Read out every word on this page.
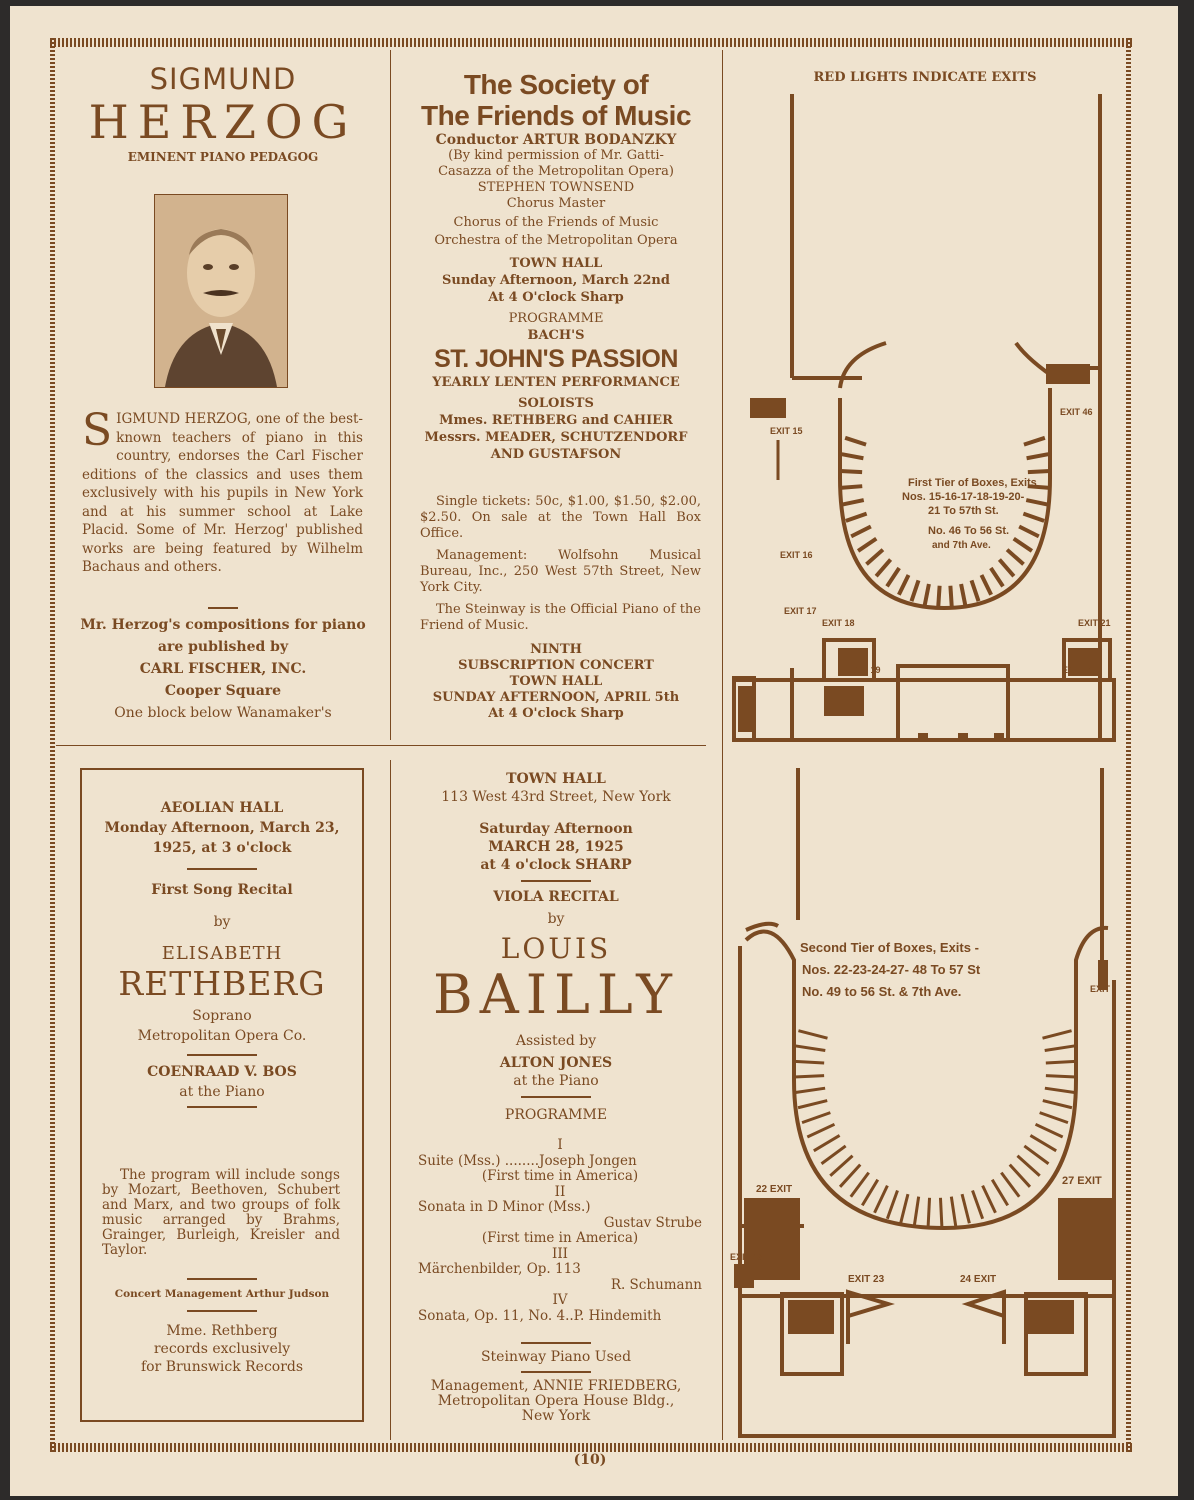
SIGMUND
HERZOG
EMINENT PIANO PEDAGOG
SIGMUND HERZOG, one of the best-known teachers of piano in this country, endorses the Carl Fischer editions of the classics and uses them exclusively with his pupils in New York and at his summer school at Lake Placid. Some of Mr. Herzog' published works are being featured by Wilhelm Bachaus and others.
Mr. Herzog's compositions for piano
are published by
CARL FISCHER, INC.
Cooper Square
One block below Wanamaker's
The Society of
The Friends of Music
Conductor ARTUR BODANZKY
(By kind permission of Mr. Gatti-
Casazza of the Metropolitan Opera)
STEPHEN TOWNSEND
Chorus Master
Chorus of the Friends of Music
Orchestra of the Metropolitan Opera
TOWN HALL
Sunday Afternoon, March 22nd
At 4 O'clock Sharp
PROGRAMME
BACH'S
ST. JOHN'S PASSION
YEARLY LENTEN PERFORMANCE
SOLOISTS
Mmes. RETHBERG and CAHIER
Messrs. MEADER, SCHUTZENDORF
AND GUSTAFSON
Single tickets: 50c, $1.00, $1.50, $2.00, $2.50. On sale at the Town Hall Box Office.
Management: Wolfsohn Musical Bureau, Inc., 250 West 57th Street, New York City.
The Steinway is the Official Piano of the Friend of Music.
NINTH
SUBSCRIPTION CONCERT
TOWN HALL
SUNDAY AFTERNOON, APRIL 5th
At 4 O'clock Sharp
RED LIGHTS INDICATE EXITS
First Tier of Boxes, Exits
Nos. 15-16-17-18-19-20-
21 To 57th St.
No. 46 To 56 St.
and 7th Ave.
EXIT 15
EXIT 16
EXIT 17
EXIT 18
EXIT 19	EXIT 20
EXIT 21
EXIT 46
AEOLIAN HALL
Monday Afternoon, March 23,
1925, at 3 o'clock
First Song Recital
by
ELISABETH
RETHBERG
Soprano
Metropolitan Opera Co.
COENRAAD V. BOS
at the Piano
The program will include songs by Mozart, Beethoven, Schubert and Marx, and two groups of folk music arranged by Brahms, Grainger, Burleigh, Kreisler and Taylor.
Concert Management Arthur Judson
Mme. Rethberg
records exclusively
for Brunswick Records
TOWN HALL
113 West 43rd Street, New York
Saturday Afternoon
MARCH 28, 1925
at 4 o'clock SHARP
VIOLA RECITAL
by
LOUIS
BAILLY
Assisted by
ALTON JONES
at the Piano
PROGRAMME
I
Suite (Mss.) ........Joseph Jongen
(First time in America)
II
Sonata in D Minor (Mss.)
Gustav Strube
(First time in America)
III
Märchenbilder, Op. 113
R. Schumann
IV
Sonata, Op. 11, No. 4..P. Hindemith
Steinway Piano Used
Management, ANNIE FRIEDBERG,
Metropolitan Opera House Bldg.,
New York
Second Tier of Boxes, Exits -
Nos. 22-23-24-27- 48 To 57 St
No. 49 to 56 St. & 7th Ave.
22 EXIT
27 EXIT
EXIT 48
EXIT 23	24 EXIT
EXIT
(10)
